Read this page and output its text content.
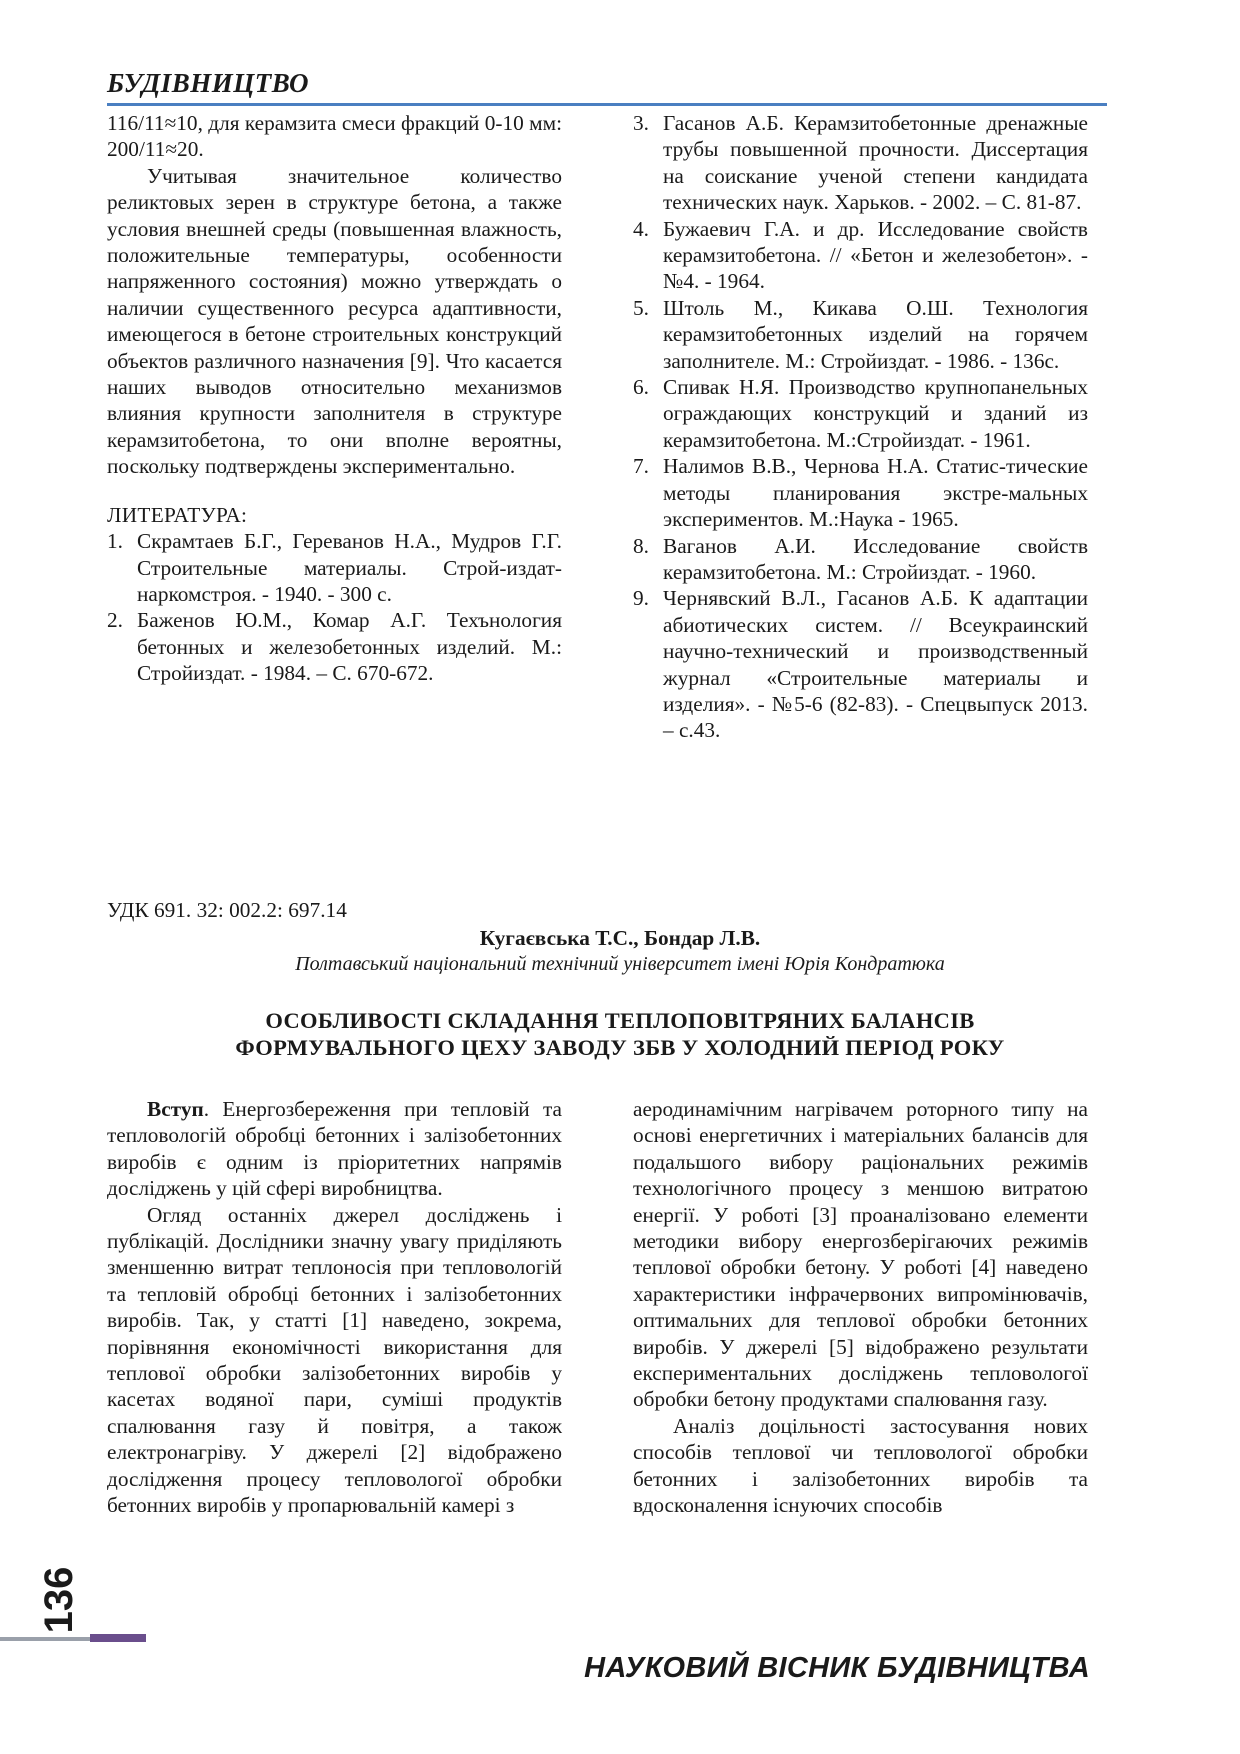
БУДІВНИЦТВО

116/11≈10, для керамзита смеси фракций 0-10 мм: 200/11≈20.

Учитывая значительное количество реликтовых зерен в структуре бетона, а также условия внешней среды (повышенная влажность, положительные температуры, особенности напряженного состояния) можно утверждать о наличии существенного ресурса адаптивности, имеющегося в бетоне строительных конструкций объектов различного назначения [9]. Что касается наших выводов относительно механизмов влияния крупности заполнителя в структуре керамзитобетона, то они вполне вероятны, поскольку подтверждены экспериментально.

ЛИТЕРАТУРА:

1. Скрамтаев Б.Г., Гереванов Н.А., Мудров Г.Г. Строительные материалы. Строй-издат-наркомстроя. - 1940. - 300 с.
2. Баженов Ю.М., Комар А.Г. Техънология бетонных и железобетонных изделий. М.: Стройиздат. - 1984. – С. 670-672.
3. Гасанов А.Б. Керамзитобетонные дренажные трубы повышенной прочности. Диссертация на соискание ученой степени кандидата технических наук. Харьков. - 2002. – С. 81-87.
4. Бужаевич Г.А. и др. Исследование свойств керамзитобетона. // «Бетон и железобетон». - №4. - 1964.
5. Штоль М., Кикава О.Ш. Технология керамзитобетонных изделий на горячем заполнителе. М.: Стройиздат. - 1986. - 136с.
6. Спивак Н.Я. Производство крупнопанельных ограждающих конструкций и зданий из керамзитобетона. М.:Стройиздат. - 1961.
7. Налимов В.В., Чернова Н.А. Статис-тические методы планирования экстре-мальных экспериментов. М.:Наука - 1965.
8. Ваганов А.И. Исследование свойств керамзитобетона. М.: Стройиздат. - 1960.
9. Чернявский В.Л., Гасанов А.Б. К адаптации абиотических систем. // Всеукраинский научно-технический и производственный журнал «Строительные материалы и изделия». - №5-6 (82-83). - Спецвыпуск 2013. – с.43.
УДК 691. 32: 002.2: 697.14
Кугаєвська Т.С., Бондар Л.В.
Полтавський національний технічний університет імені Юрія Кондратюка
ОСОБЛИВОСТІ СКЛАДАННЯ ТЕПЛОПОВІТРЯНИХ БАЛАНСІВ
ФОРМУВАЛЬНОГО ЦЕХУ ЗАВОДУ ЗБВ У ХОЛОДНИЙ ПЕРІОД РОКУ

Вступ. Енергозбереження при тепловій та тепловологій обробці бетонних і залізобетонних виробів є одним із пріоритетних напрямів досліджень у цій сфері виробництва.

Огляд останніх джерел досліджень і публікацій. Дослідники значну увагу приділяють зменшенню витрат теплоносія при тепловологій та тепловій обробці бетонних і залізобетонних виробів. Так, у статті [1] наведено, зокрема, порівняння економічності використання для теплової обробки залізобетонних виробів у касетах водяної пари, суміші продуктів спалювання газу й повітря, а також електронагріву. У джерелі [2] відображено дослідження процесу тепловологої обробки бетонних виробів у пропарювальній камері з

аеродинамічним нагрівачем роторного типу на основі енергетичних і матеріальних балансів для подальшого вибору раціональних режимів технологічного процесу з меншою витратою енергії. У роботі [3] проаналізовано елементи методики вибору енергозберігаючих режимів теплової обробки бетону. У роботі [4] наведено характеристики інфрачервоних випромінювачів, оптимальних для теплової обробки бетонних виробів. У джерелі [5] відображено результати експериментальних досліджень тепловологої обробки бетону продуктами спалювання газу.

Аналіз доцільності застосування нових способів теплової чи тепловологої обробки бетонних і залізобетонних виробів та вдосконалення існуючих способів

136
НАУКОВИЙ ВІСНИК БУДІВНИЦТВА
